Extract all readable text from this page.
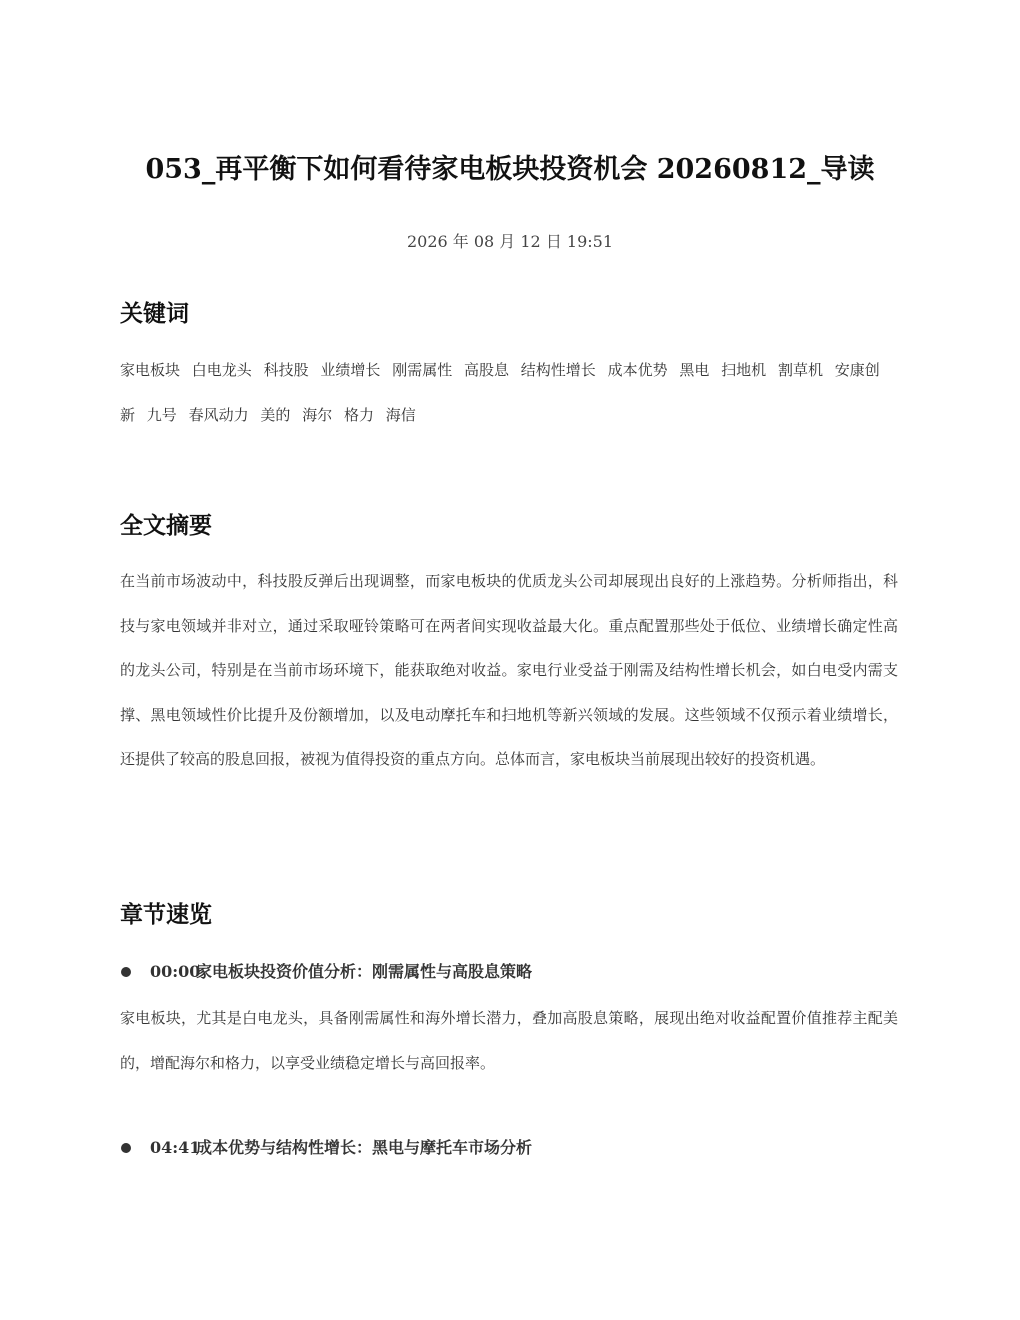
053_再平衡下如何看待家电板块投资机会 20260812_导读
2026 年 08 月 12 日 19:51
关键词
家电板块 白电龙头 科技股 业绩增长 刚需属性 高股息 结构性增长 成本优势 黑电 扫地机 割草机 安康创新 九号 春风动力 美的 海尔 格力 海信
全文摘要

在当前市场波动中，科技股反弹后出现调整，而家电板块的优质龙头公司却展现出良好的上涨趋势。分析师指出，科技与家电领域并非对立，通过采取哑铃策略可在两者间实现收益最大化。重点配置那些处于低位、业绩增长确定性高的龙头公司，特别是在当前市场环境下，能获取绝对收益。家电行业受益于刚需及结构性增长机会，如白电受内需支撑、黑电领域性价比提升及份额增加，以及电动摩托车和扫地机等新兴领域的发展。这些领域不仅预示着业绩增长，还提供了较高的股息回报，被视为值得投资的重点方向。总体而言，家电板块当前展现出较好的投资机遇。

章节速览
00:00
家电板块投资价值分析：刚需属性与高股息策略

家电板块，尤其是白电龙头，具备刚需属性和海外增长潜力，叠加高股息策略，展现出绝对收益配置价值推荐主配美的，增配海尔和格力，以享受业绩稳定增长与高回报率。

04:41
成本优势与结构性增长：黑电与摩托车市场分析
